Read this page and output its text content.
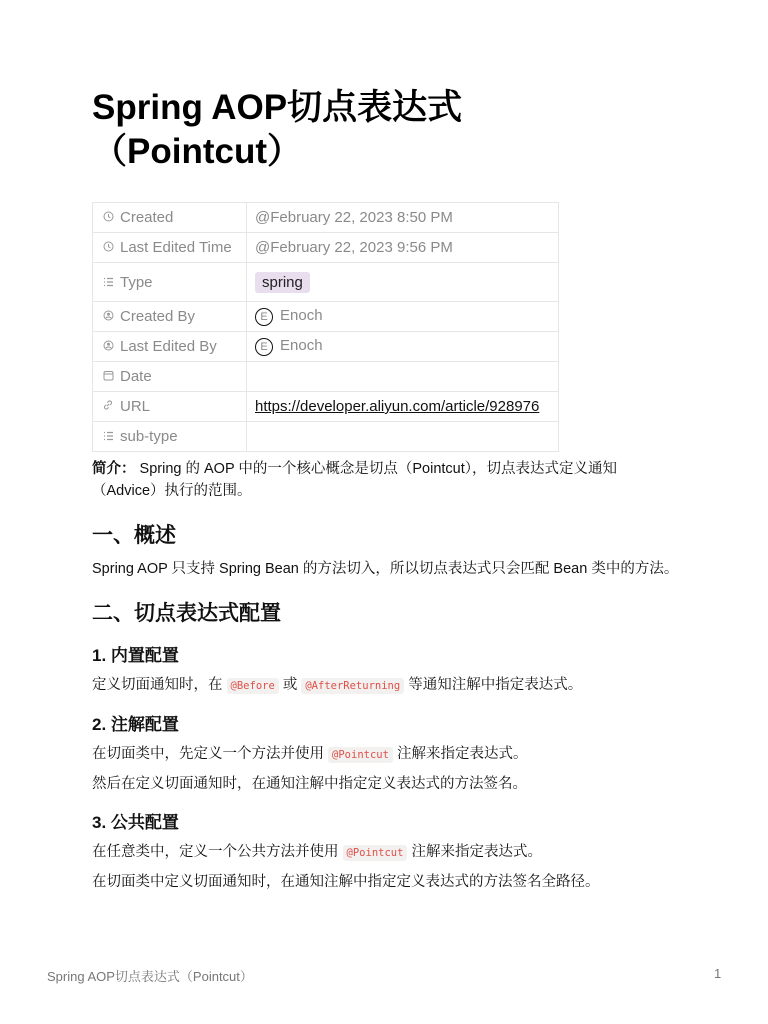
Spring AOP切点表达式
（Pointcut）
Created	@February 22, 2023 8:50 PM
Last Edited Time	@February 22, 2023 9:56 PM
Type	spring
Created By	E Enoch
Last Edited By	E Enoch
Date	
URL	https://developer.aliyun.com/article/928976
sub-type	

简介： Spring 的 AOP 中的一个核心概念是切点（Pointcut），切点表达式定义通知（Advice）执行的范围。

一、概述

Spring AOP 只支持 Spring Bean 的方法切入，所以切点表达式只会匹配 Bean 类中的方法。

二、切点表达式配置
1. 内置配置

定义切面通知时，在 @Before 或 @AfterReturning 等通知注解中指定表达式。

2. 注解配置

在切面类中，先定义一个方法并使用 @Pointcut 注解来指定表达式。

然后在定义切面通知时，在通知注解中指定定义表达式的方法签名。

3. 公共配置

在任意类中，定义一个公共方法并使用 @Pointcut 注解来指定表达式。

在切面类中定义切面通知时，在通知注解中指定定义表达式的方法签名全路径。

Spring AOP切点表达式（Pointcut）	1
